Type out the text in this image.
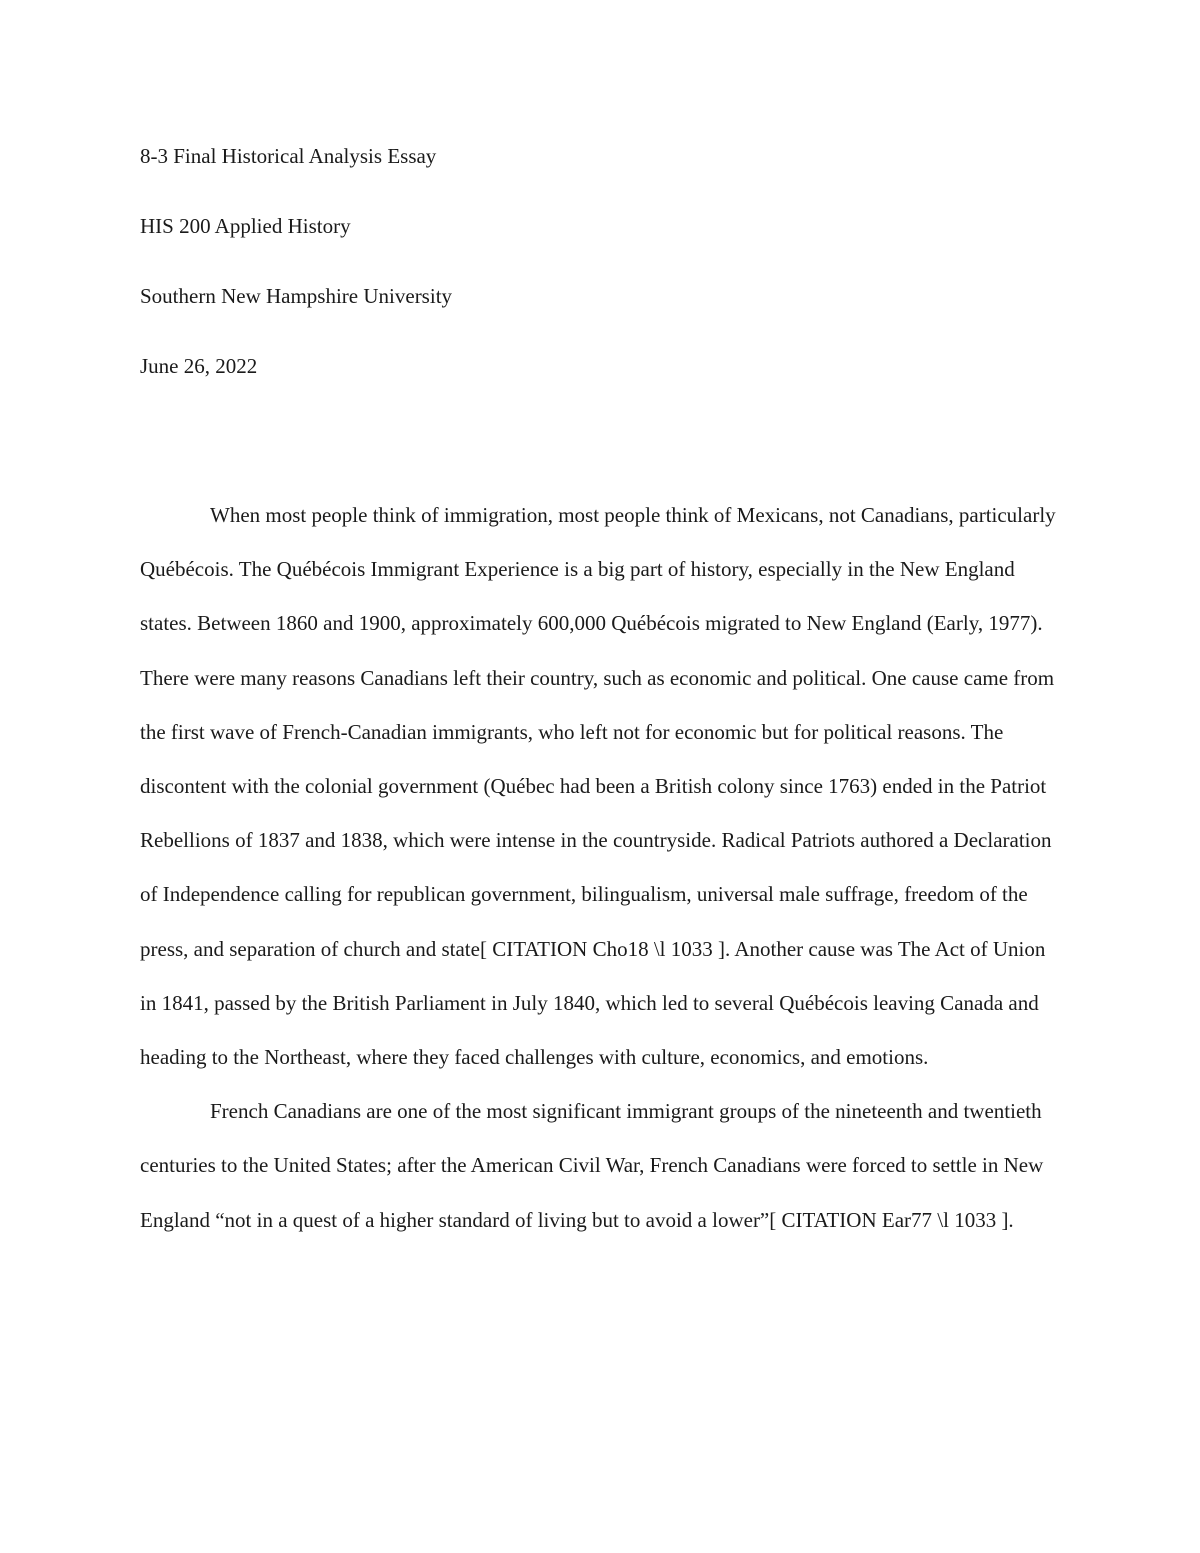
8-3 Final Historical Analysis Essay

HIS 200 Applied History

Southern New Hampshire University

June 26, 2022

When most people think of immigration, most people think of Mexicans, not Canadians, particularly Québécois. The Québécois Immigrant Experience is a big part of history, especially in the New England states. Between 1860 and 1900, approximately 600,000 Québécois migrated to New England (Early, 1977). There were many reasons Canadians left their country, such as economic and political. One cause came from the first wave of French-Canadian immigrants, who left not for economic but for political reasons. The discontent with the colonial government (Québec had been a British colony since 1763) ended in the Patriot Rebellions of 1837 and 1838, which were intense in the countryside. Radical Patriots authored a Declaration of Independence calling for republican government, bilingualism, universal male suffrage, freedom of the press, and separation of church and state[ CITATION Cho18 \l 1033 ]. Another cause was The Act of Union in 1841, passed by the British Parliament in July 1840, which led to several Québécois leaving Canada and heading to the Northeast, where they faced challenges with culture, economics, and emotions.

French Canadians are one of the most significant immigrant groups of the nineteenth and twentieth centuries to the United States; after the American Civil War, French Canadians were forced to settle in New England “not in a quest of a higher standard of living but to avoid a lower”[ CITATION Ear77 \l 1033 ].
